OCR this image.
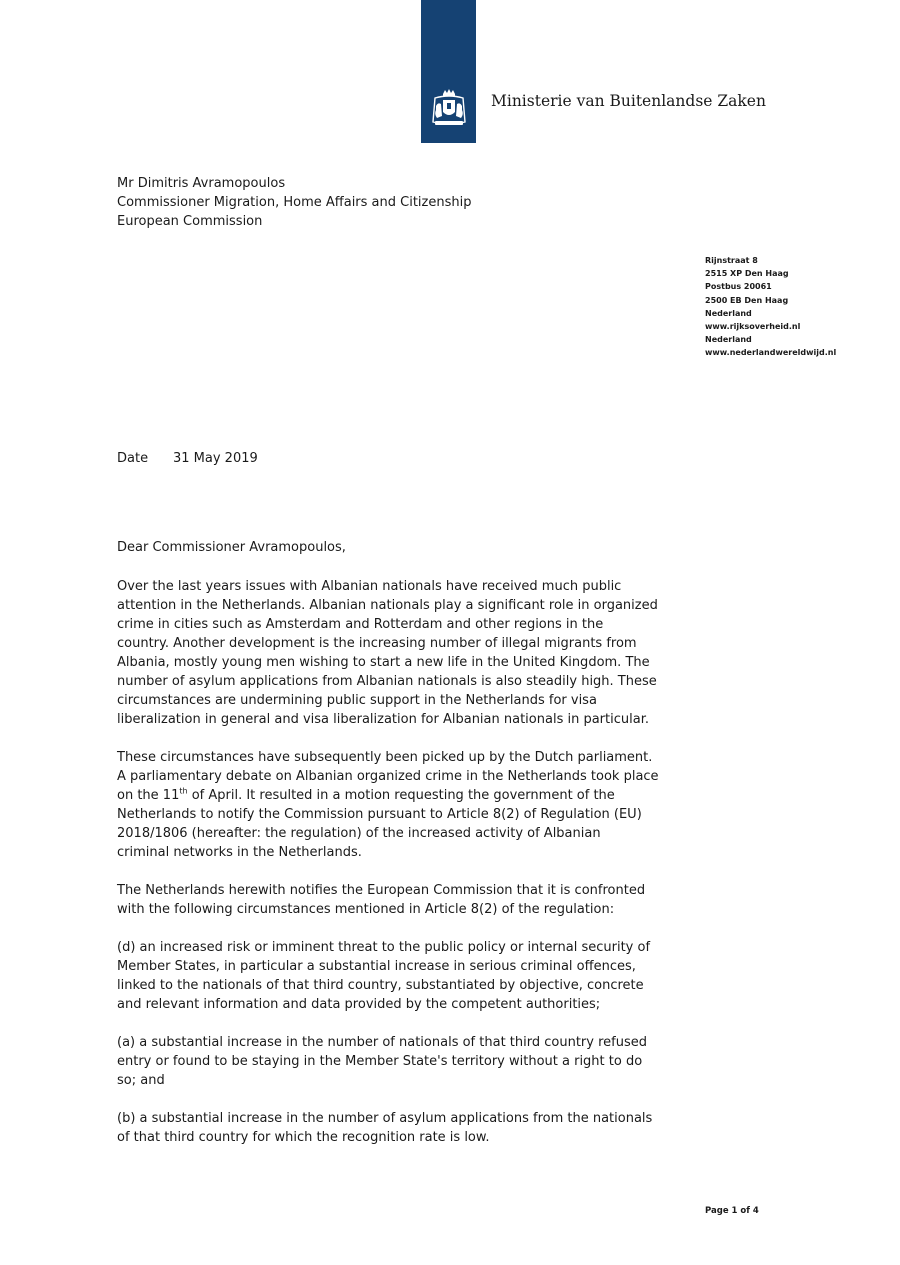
Ministerie van Buitenlandse Zaken
Mr Dimitris Avramopoulos
Commissioner Migration, Home Affairs and Citizenship
European Commission
Rijnstraat 8
2515 XP Den Haag
Postbus 20061
2500 EB Den Haag
Nederland
www.rijksoverheid.nl
Nederland
www.nederlandwereldwijd.nl
Date 31 May 2019

Dear Commissioner Avramopoulos,

Over the last years issues with Albanian nationals have received much public
attention in the Netherlands. Albanian nationals play a significant role in organized
crime in cities such as Amsterdam and Rotterdam and other regions in the
country. Another development is the increasing number of illegal migrants from
Albania, mostly young men wishing to start a new life in the United Kingdom. The
number of asylum applications from Albanian nationals is also steadily high. These
circumstances are undermining public support in the Netherlands for visa
liberalization in general and visa liberalization for Albanian nationals in particular.

These circumstances have subsequently been picked up by the Dutch parliament.
A parliamentary debate on Albanian organized crime in the Netherlands took place
on the 11th of April. It resulted in a motion requesting the government of the
Netherlands to notify the Commission pursuant to Article 8(2) of Regulation (EU)
2018/1806 (hereafter: the regulation) of the increased activity of Albanian
criminal networks in the Netherlands.

The Netherlands herewith notifies the European Commission that it is confronted
with the following circumstances mentioned in Article 8(2) of the regulation:

(d) an increased risk or imminent threat to the public policy or internal security of
Member States, in particular a substantial increase in serious criminal offences,
linked to the nationals of that third country, substantiated by objective, concrete
and relevant information and data provided by the competent authorities;

(a) a substantial increase in the number of nationals of that third country refused
entry or found to be staying in the Member State's territory without a right to do
so; and

(b) a substantial increase in the number of asylum applications from the nationals
of that third country for which the recognition rate is low.

Page 1 of 4
